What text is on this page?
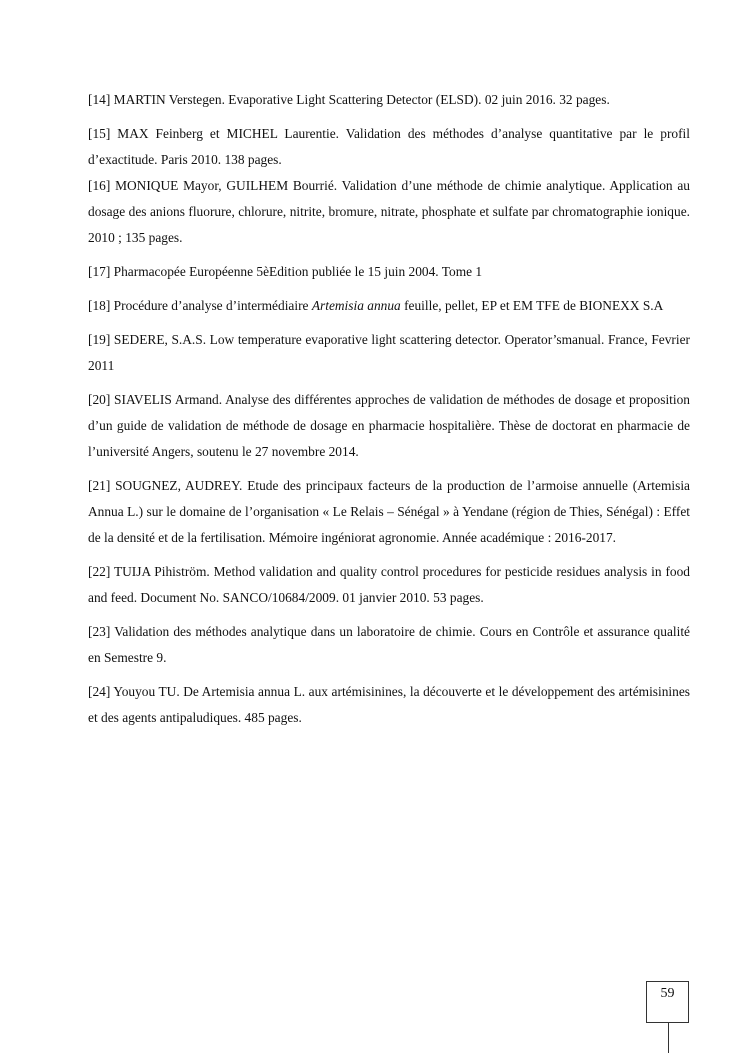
[14] MARTIN Verstegen. Evaporative Light Scattering Detector (ELSD). 02 juin 2016. 32 pages.

[15] MAX Feinberg et MICHEL Laurentie. Validation des méthodes d’analyse quantitative par le profil d’exactitude. Paris 2010. 138 pages.

[16] MONIQUE Mayor, GUILHEM Bourrié. Validation d’une méthode de chimie analytique. Application au dosage des anions fluorure, chlorure, nitrite, bromure, nitrate, phosphate et sulfate par chromatographie ionique. 2010 ; 135 pages.

[17] Pharmacopée Européenne 5èEdition publiée le 15 juin 2004. Tome 1

[18] Procédure d’analyse d’intermédiaire Artemisia annua feuille, pellet, EP et EM TFE de BIONEXX S.A

[19] SEDERE, S.A.S. Low temperature evaporative light scattering detector. Operator’smanual. France, Fevrier 2011

[20] SIAVELIS Armand. Analyse des différentes approches de validation de méthodes de dosage et proposition d’un guide de validation de méthode de dosage en pharmacie hospitalière. Thèse de doctorat en pharmacie de l’université Angers, soutenu le 27 novembre 2014.

[21] SOUGNEZ, AUDREY. Etude des principaux facteurs de la production de l’armoise annuelle (Artemisia Annua L.) sur le domaine de l’organisation « Le Relais – Sénégal » à Yendane (région de Thies, Sénégal) : Effet de la densité et de la fertilisation. Mémoire ingéniorat agronomie. Année académique : 2016-2017.

[22] TUIJA Pihiström. Method validation and quality control procedures for pesticide residues analysis in food and feed. Document No. SANCO/10684/2009. 01 janvier 2010. 53 pages.

[23] Validation des méthodes analytique dans un laboratoire de chimie. Cours en Contrôle et assurance qualité en Semestre 9.

[24] Youyou TU. De Artemisia annua L. aux artémisinines, la découverte et le développement des artémisinines et des agents antipaludiques. 485 pages.

59
